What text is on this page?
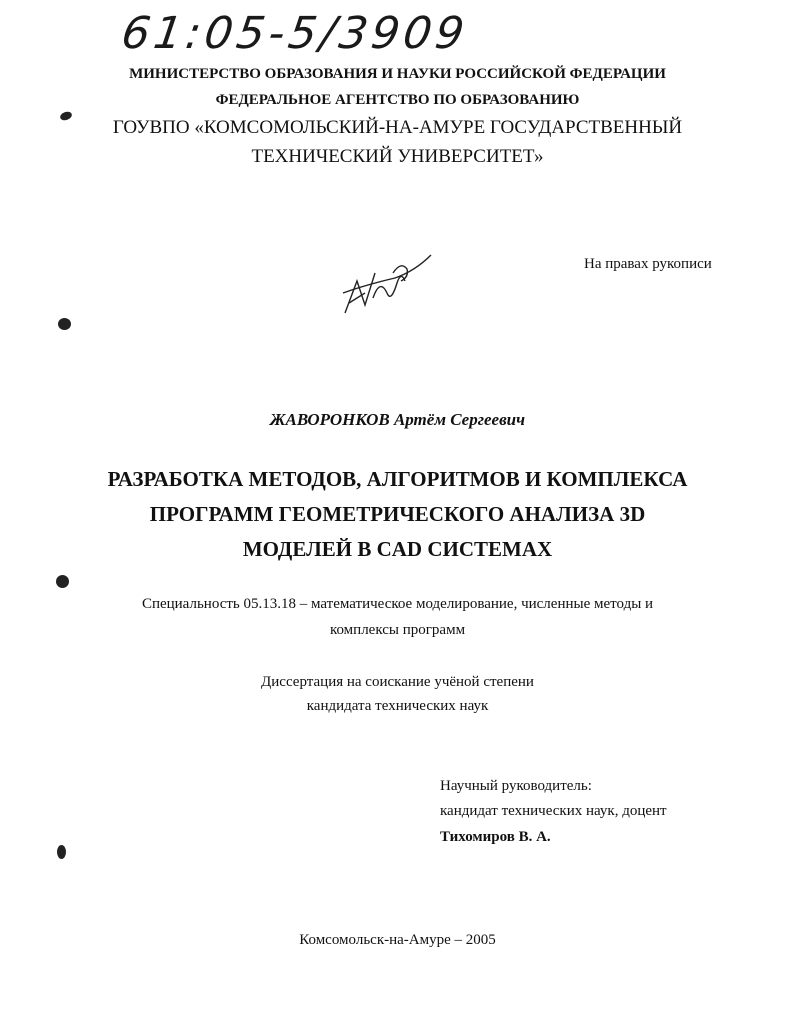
61:05-5/3909
МИНИСТЕРСТВО ОБРАЗОВАНИЯ И НАУКИ РОССИЙСКОЙ ФЕДЕРАЦИИ
ФЕДЕРАЛЬНОЕ АГЕНТСТВО ПО ОБРАЗОВАНИЮ
ГОУВПО «КОМСОМОЛЬСКИЙ-НА-АМУРЕ ГОСУДАРСТВЕННЫЙ
ТЕХНИЧЕСКИЙ УНИВЕРСИТЕТ»
На правах рукописи
ЖАВОРОНКОВ Артём Сергеевич
РАЗРАБОТКА МЕТОДОВ, АЛГОРИТМОВ И КОМПЛЕКСА
ПРОГРАММ ГЕОМЕТРИЧЕСКОГО АНАЛИЗА 3D
МОДЕЛЕЙ В CAD СИСТЕМАХ
Специальность 05.13.18 – математическое моделирование, численные методы и
комплексы программ
Диссертация на соискание учёной степени
кандидата технических наук
Научный руководитель:
кандидат технических наук, доцент
Тихомиров В. А.
Комсомольск-на-Амуре – 2005
